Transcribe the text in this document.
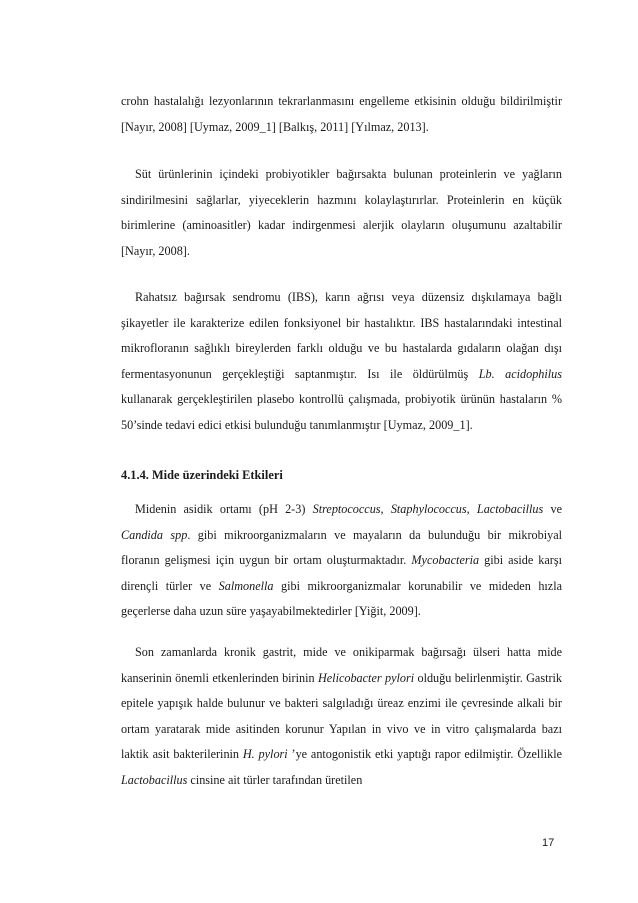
crohn hastalalığı lezyonlarının tekrarlanmasını engelleme etkisinin olduğu bildirilmiştir [Nayır, 2008] [Uymaz, 2009_1] [Balkış, 2011] [Yılmaz, 2013].

Süt ürünlerinin içindeki probiyotikler bağırsakta bulunan proteinlerin ve yağların sindirilmesini sağlarlar, yiyeceklerin hazmını kolaylaştırırlar. Proteinlerin en küçük birimlerine (aminoasitler) kadar indirgenmesi alerjik olayların oluşumunu azaltabilir [Nayır, 2008].

Rahatsız bağırsak sendromu (IBS), karın ağrısı veya düzensiz dışkılamaya bağlı şikayetler ile karakterize edilen fonksiyonel bir hastalıktır. IBS hastalarındaki intestinal mikrofloranın sağlıklı bireylerden farklı olduğu ve bu hastalarda gıdaların olağan dışı fermentasyonunun gerçekleştiği saptanmıştır. Isı ile öldürülmüş Lb. acidophilus kullanarak gerçekleştirilen plasebo kontrollü çalışmada, probiyotik ürünün hastaların % 50’sinde tedavi edici etkisi bulunduğu tanımlanmıştır [Uymaz, 2009_1].

4.1.4. Mide üzerindeki Etkileri

Midenin asidik ortamı (pH 2-3) Streptococcus, Staphylococcus, Lactobacillus ve Candida spp. gibi mikroorganizmaların ve mayaların da bulunduğu bir mikrobiyal floranın gelişmesi için uygun bir ortam oluşturmaktadır. Mycobacteria gibi aside karşı dirençli türler ve Salmonella gibi mikroorganizmalar korunabilir ve mideden hızla geçerlerse daha uzun süre yaşayabilmektedirler [Yiğit, 2009].

Son zamanlarda kronik gastrit, mide ve onikiparmak bağırsağı ülseri hatta mide kanserinin önemli etkenlerinden birinin Helicobacter pylori olduğu belirlenmiştir. Gastrik epitele yapışık halde bulunur ve bakteri salgıladığı üreaz enzimi ile çevresinde alkali bir ortam yaratarak mide asitinden korunur Yapılan in vivo ve in vitro çalışmalarda bazı laktik asit bakterilerinin H. pylori ’ye antogonistik etki yaptığı rapor edilmiştir. Özellikle Lactobacillus cinsine ait türler tarafından üretilen

17
